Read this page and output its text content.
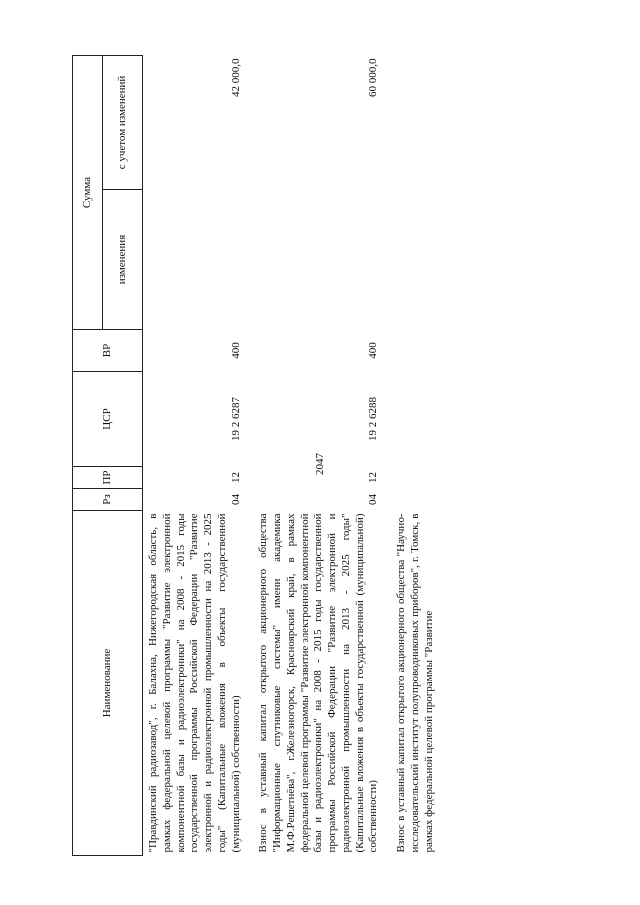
2047
Наименование	Рз	ПР	ЦСР	ВР	Сумма	
					изменения	с учетом изменений
"Правдинский радиозавод", г. Балахна, Нижегородская область, в рамках федеральной целевой программы "Развитие электронной компонентной базы и радиоэлектроники" на 2008 - 2015 годы государственной программы Российской Федерации "Развитие электронной и радиоэлектронной промышленности на 2013 - 2025 годы" (Капитальные вложения в объекты государственной (муниципальной) собственности)	04	12	19 2 6287	400		42 000,0
Взнос в уставный капитал открытого акционерного общества "Информационные спутниковые системы" имени академика М.Ф.Решетнёва", г.Железногорск, Красноярский край, в рамках федеральной целевой программы "Развитие электронной компонентной базы и радиоэлектроники" на 2008 - 2015 годы государственной программы Российской Федерации "Развитие электронной и радиоэлектронной промышленности на 2013 - 2025 годы" (Капитальные вложения в объекты государственной (муниципальной) собственности)	04	12	19 2 6288	400		60 000,0
Взнос в уставный капитал открытого акционерного общества "Научно-исследовательский институт полупроводниковых приборов", г. Томск, в рамках федеральной целевой программы "Развитие						
